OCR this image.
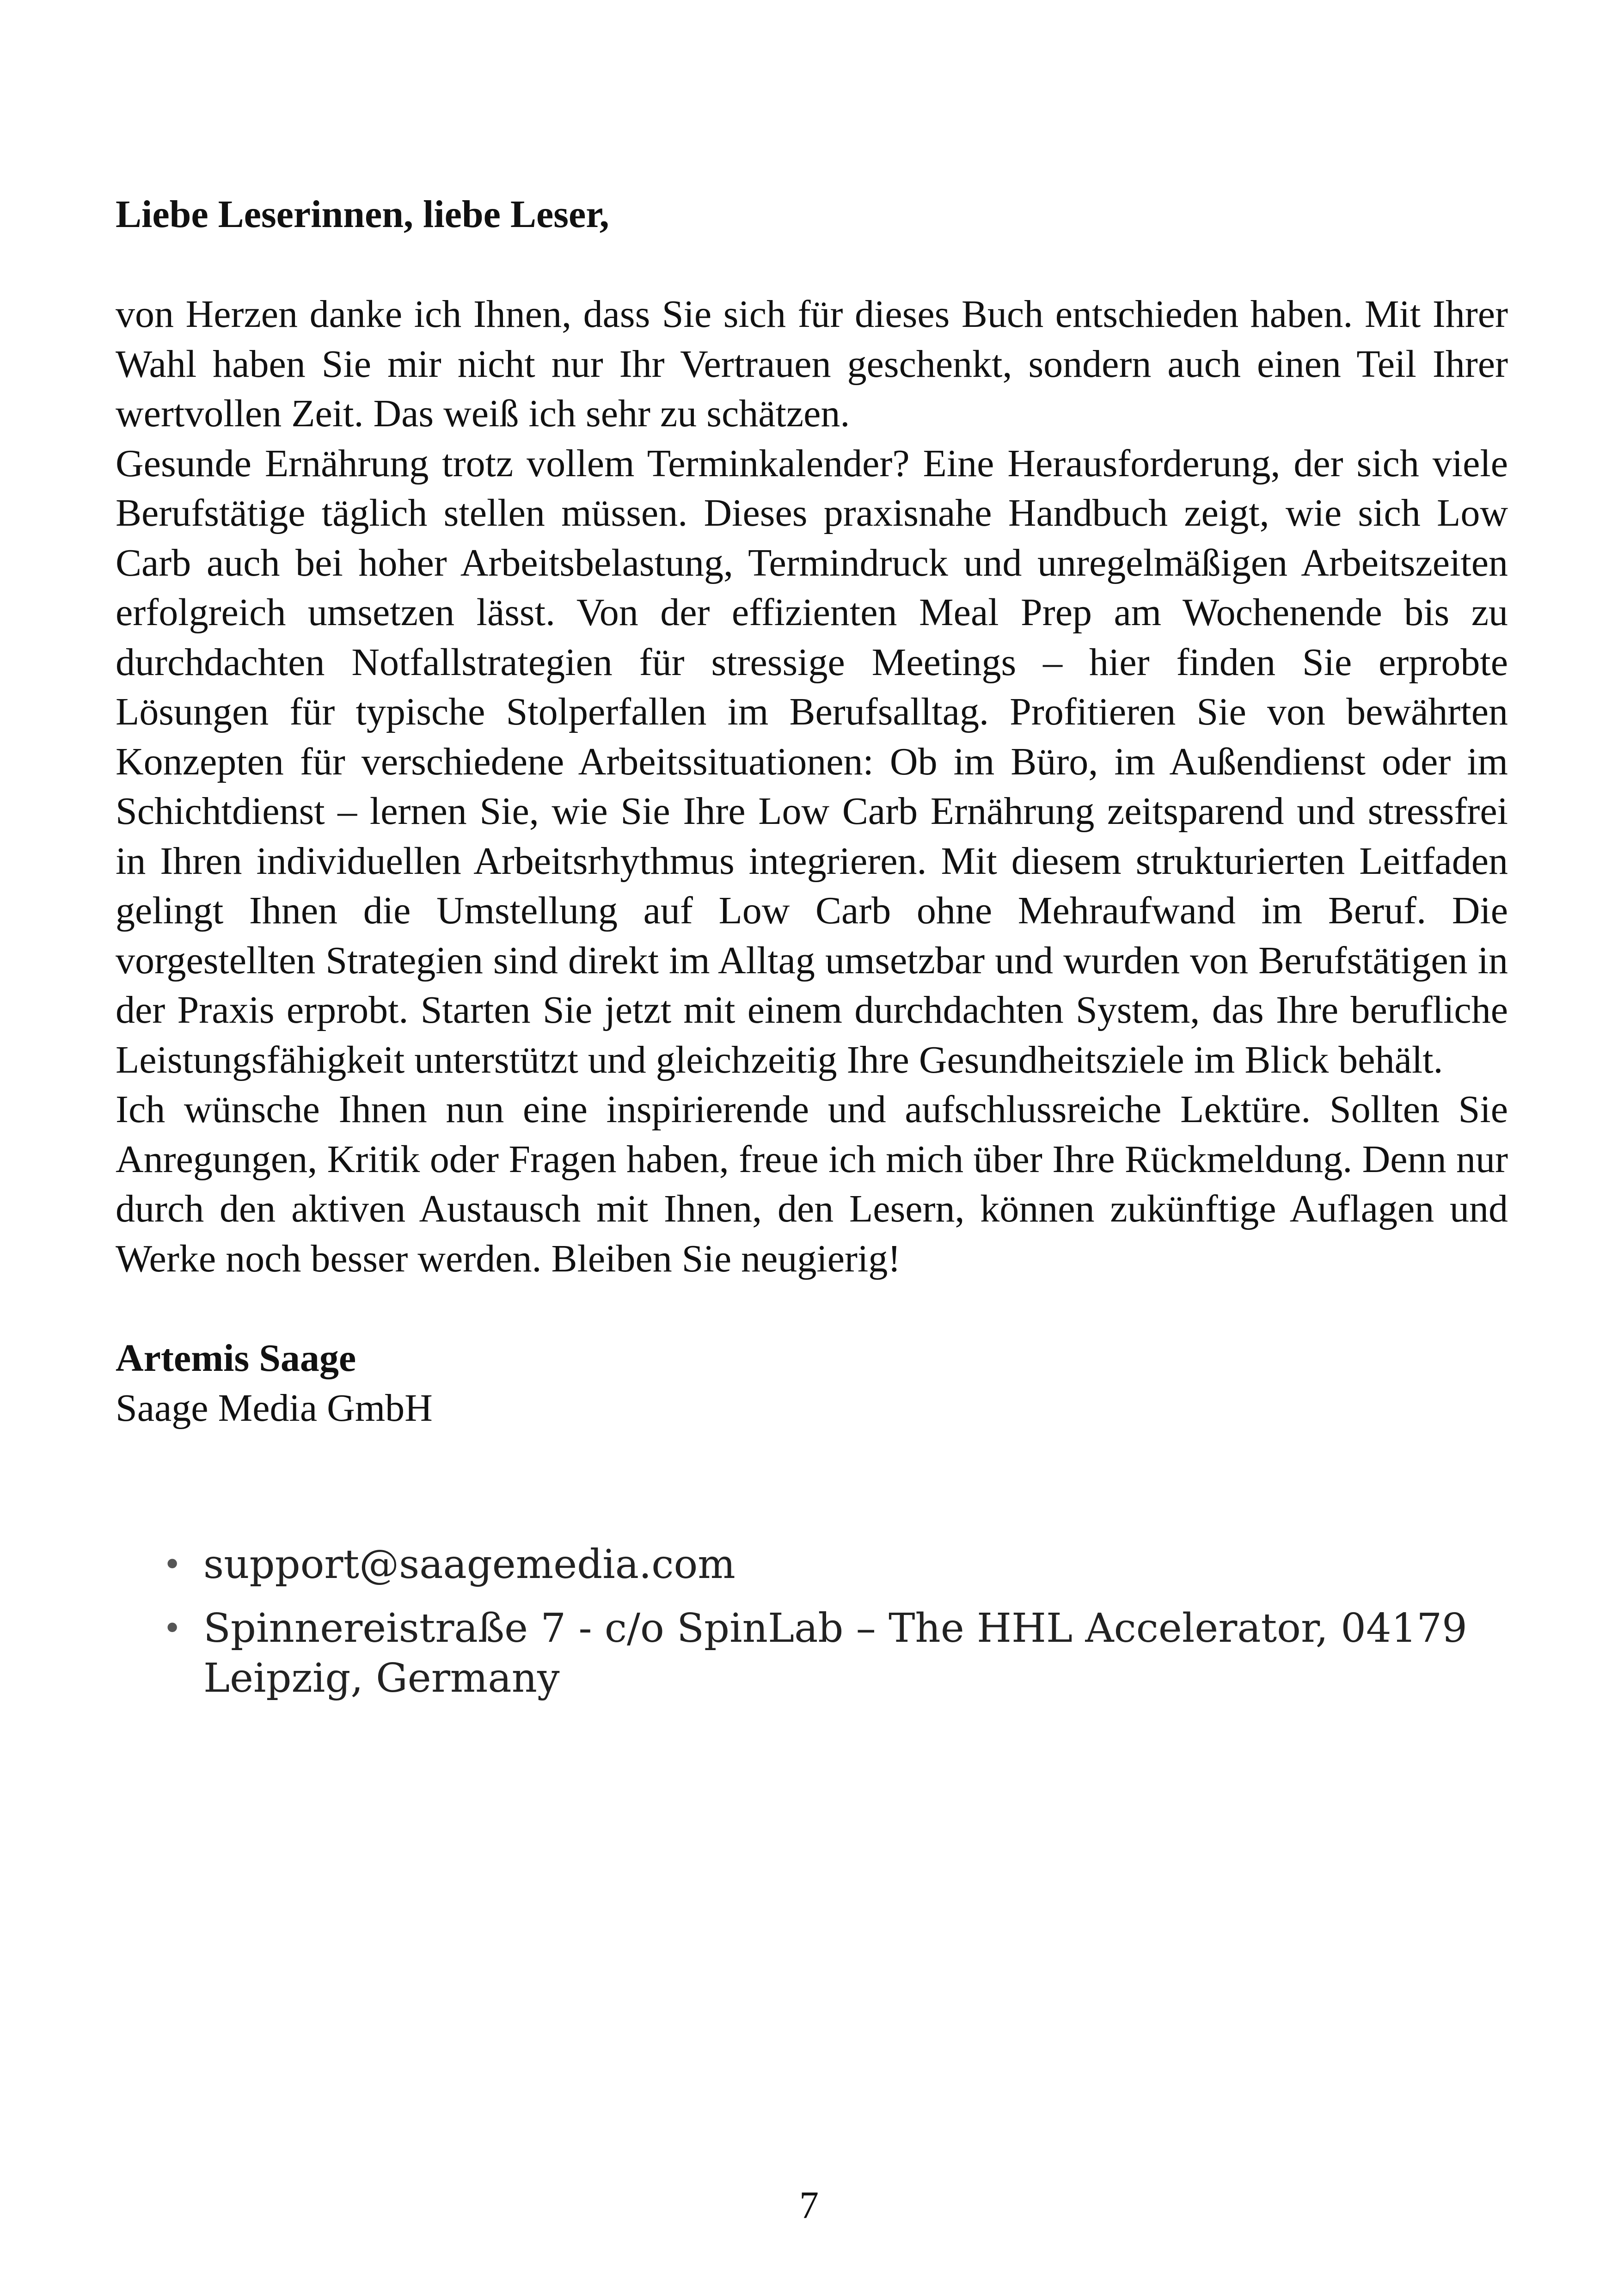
Liebe Leserinnen, liebe Leser,

von Herzen danke ich Ihnen, dass Sie sich für dieses Buch entschieden haben. Mit Ihrer Wahl haben Sie mir nicht nur Ihr Vertrauen geschenkt, sondern auch einen Teil Ihrer wertvollen Zeit. Das weiß ich sehr zu schätzen.

Gesunde Ernährung trotz vollem Terminkalender? Eine Herausforderung, der sich viele Berufstätige täglich stellen müssen. Dieses praxisnahe Handbuch zeigt, wie sich Low Carb auch bei hoher Arbeitsbelastung, Termindruck und unregelmäßigen Arbeitszeiten erfolgreich umsetzen lässt. Von der effizienten Meal Prep am Wochenende bis zu durchdachten Notfallstrategien für stressige Meetings – hier finden Sie erprobte Lösungen für typische Stolperfallen im Berufsalltag. Profitieren Sie von bewährten Konzepten für verschiedene Arbeitssituationen: Ob im Büro, im Außendienst oder im Schichtdienst – lernen Sie, wie Sie Ihre Low Carb Ernährung zeitsparend und stressfrei in Ihren individuellen Arbeitsrhythmus integrieren. Mit diesem strukturierten Leitfaden gelingt Ihnen die Umstellung auf Low Carb ohne Mehraufwand im Beruf. Die vorgestellten Strategien sind direkt im Alltag umsetzbar und wurden von Berufstätigen in der Praxis erprobt. Starten Sie jetzt mit einem durchdachten System, das Ihre berufliche Leistungsfähigkeit unterstützt und gleichzeitig Ihre Gesundheitsziele im Blick behält.

Ich wünsche Ihnen nun eine inspirierende und aufschlussreiche Lektüre. Sollten Sie Anregungen, Kritik oder Fragen haben, freue ich mich über Ihre Rückmeldung. Denn nur durch den aktiven Austausch mit Ihnen, den Lesern, können zukünftige Auflagen und Werke noch besser werden. Bleiben Sie neugierig!

Artemis Saage

Saage Media GmbH

• support@saagemedia.com
• Spinnereistraße 7 - c/o SpinLab – The HHL Accelerator, 04179 Leipzig, Germany
7
